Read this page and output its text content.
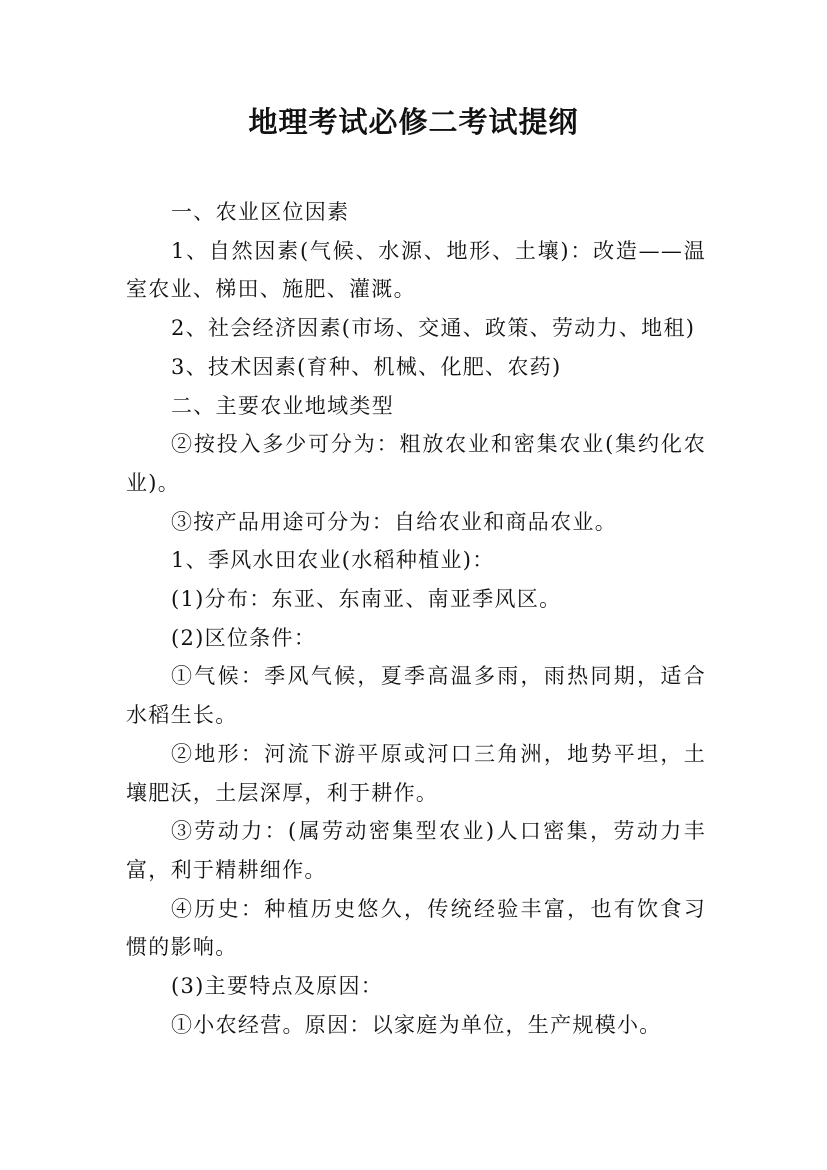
地理考试必修二考试提纲

一、农业区位因素

1、自然因素(气候、水源、地形、土壤)：改造——温室农业、梯田、施肥、灌溉。

2、社会经济因素(市场、交通、政策、劳动力、地租)

3、技术因素(育种、机械、化肥、农药)

二、主要农业地域类型

②按投入多少可分为：粗放农业和密集农业(集约化农业)。

③按产品用途可分为：自给农业和商品农业。

1、季风水田农业(水稻种植业)：

(1)分布：东亚、东南亚、南亚季风区。

(2)区位条件：

①气候：季风气候，夏季高温多雨，雨热同期，适合水稻生长。

②地形：河流下游平原或河口三角洲，地势平坦，土壤肥沃，土层深厚，利于耕作。

③劳动力：(属劳动密集型农业)人口密集，劳动力丰富，利于精耕细作。

④历史：种植历史悠久，传统经验丰富，也有饮食习惯的影响。

(3)主要特点及原因：

①小农经营。原因：以家庭为单位，生产规模小。
